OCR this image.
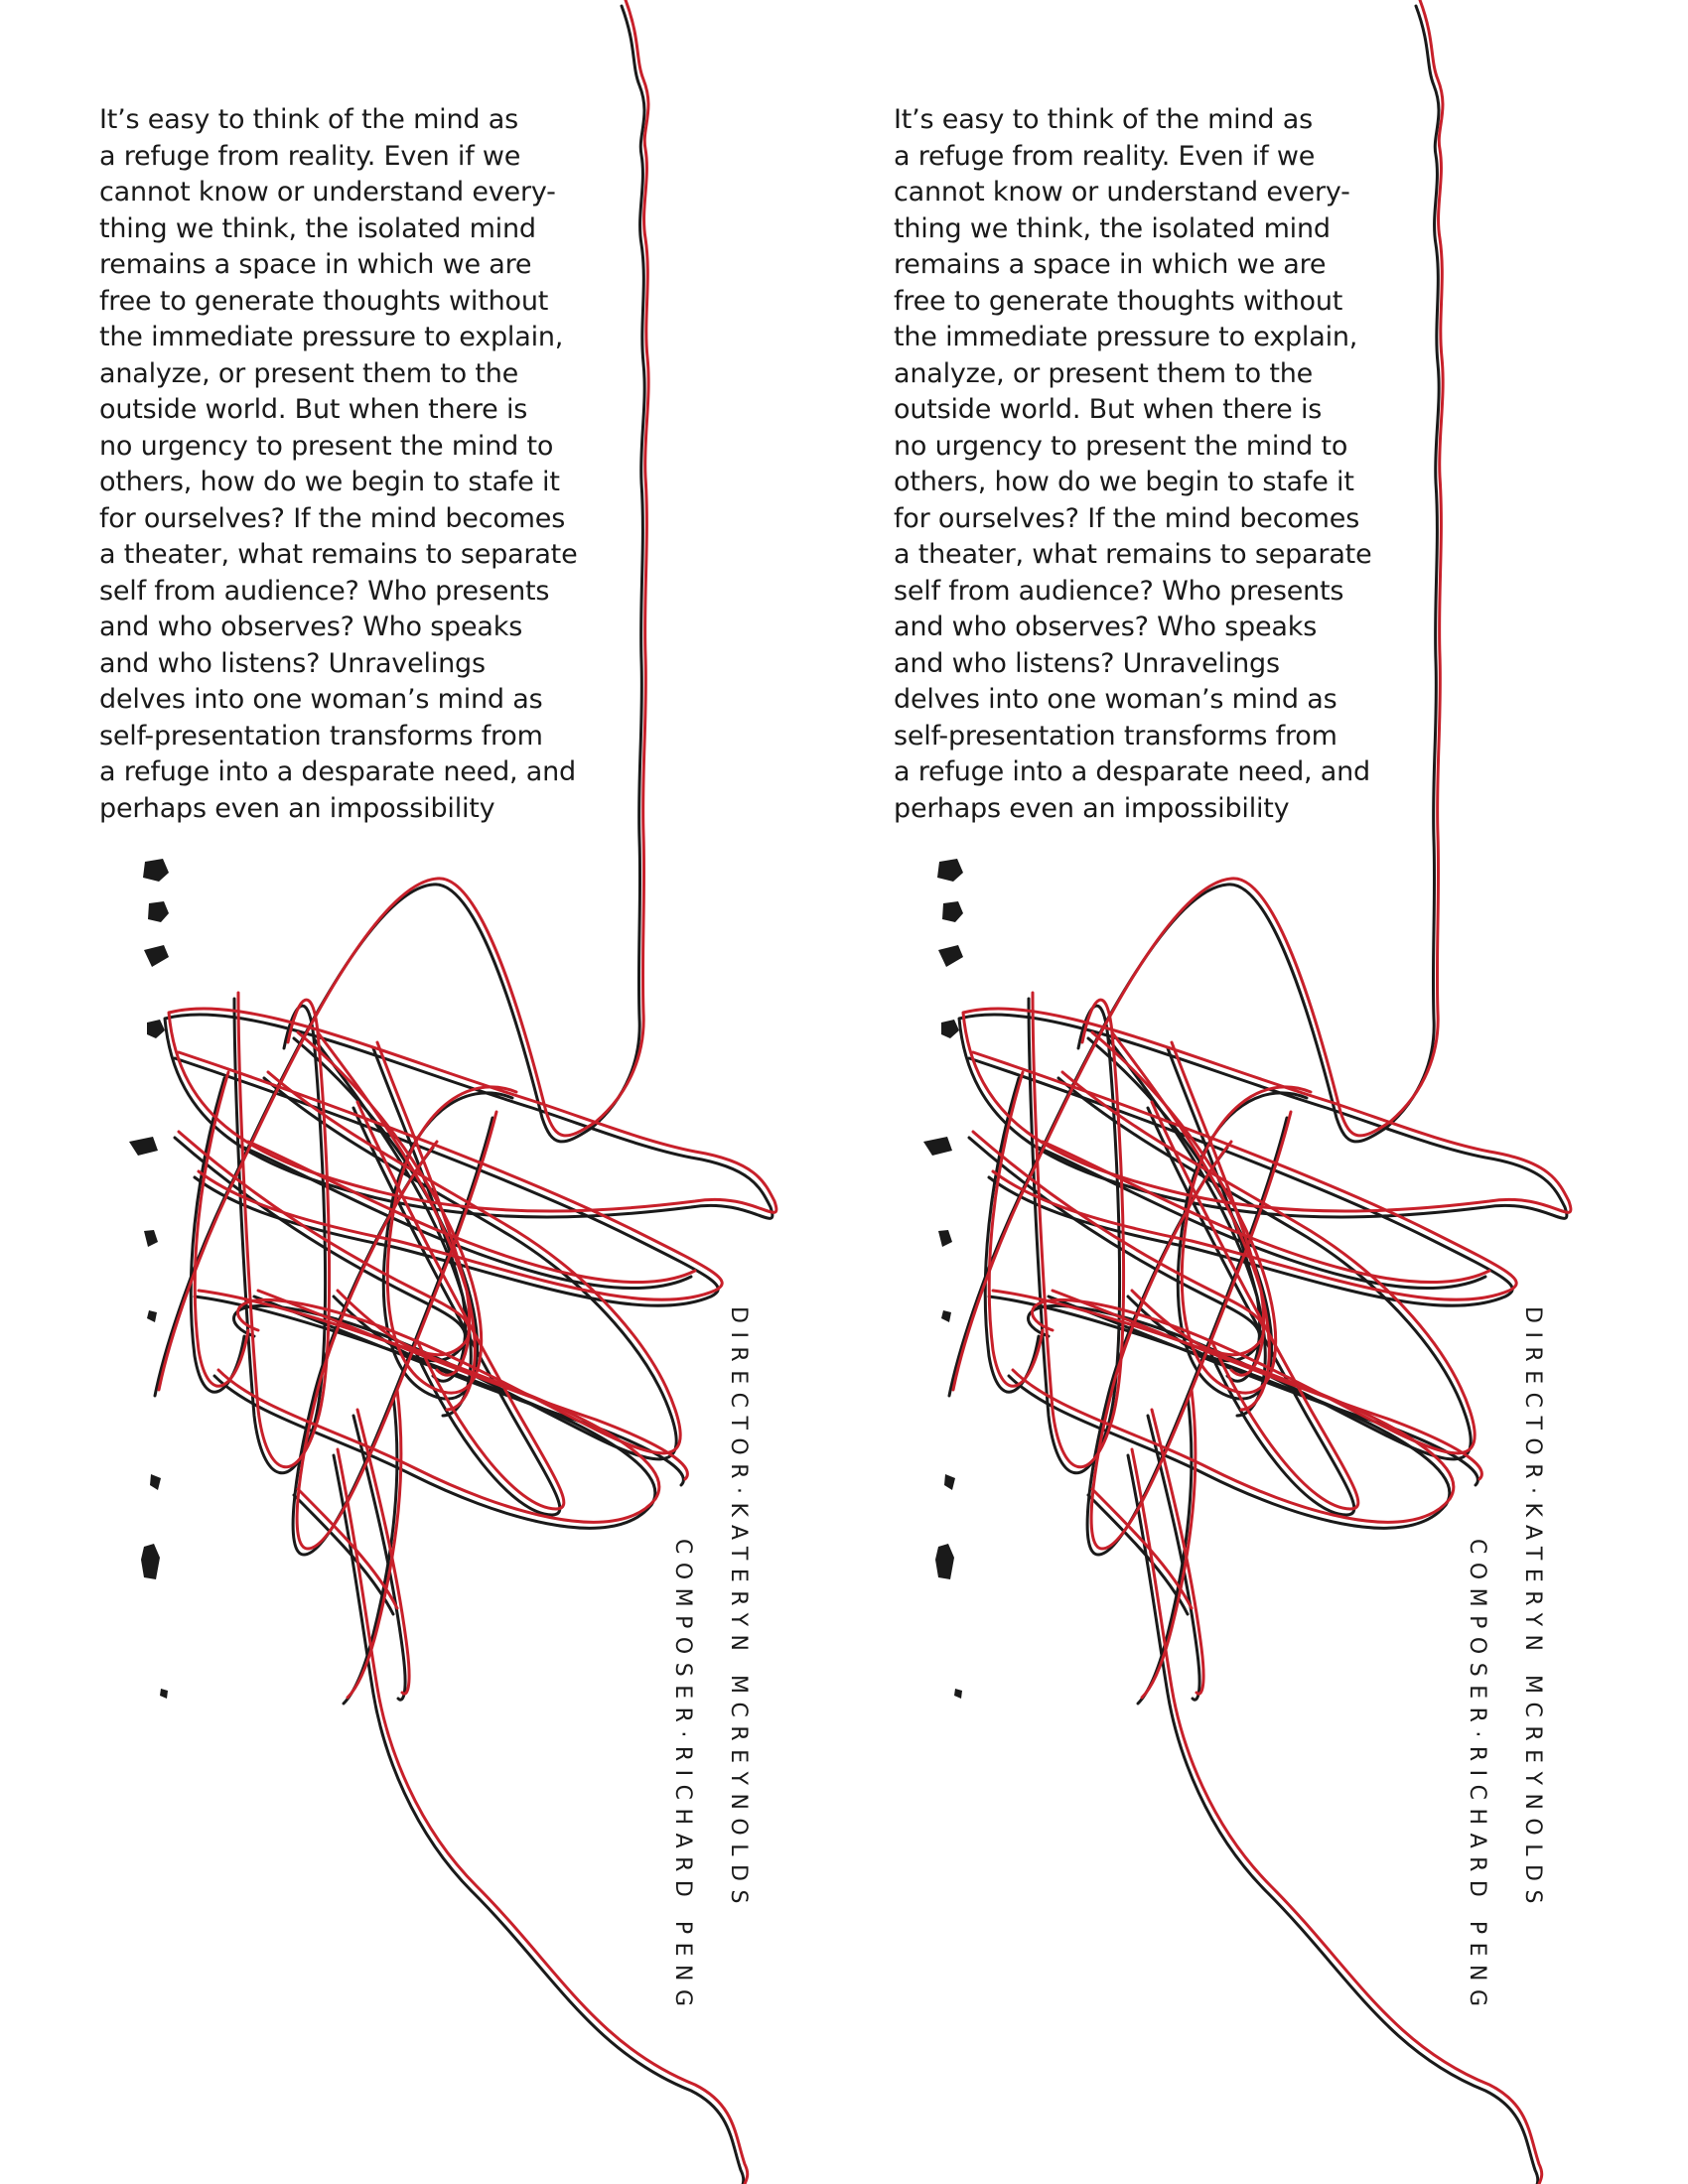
It’s easy to think of the mind as
a refuge from reality. Even if we
cannot know or understand every-
thing we think, the isolated mind
remains a space in which we are
free to generate thoughts without
the immediate pressure to explain,
analyze, or present them to the
outside world. But when there is
no urgency to present the mind to
others, how do we begin to stafe it
for ourselves? If the mind becomes
a theater, what remains to separate
self from audience? Who presents
and who observes? Who speaks
and who listens? Unravelings
delves into one woman’s mind as
self-presentation transforms from
a refuge into a desparate need, and
perhaps even an impossibility
DIRECTOR·KATERYN MCREYNOLDS
COMPOSER·RICHARD PENG
It’s easy to think of the mind as
a refuge from reality. Even if we
cannot know or understand every-
thing we think, the isolated mind
remains a space in which we are
free to generate thoughts without
the immediate pressure to explain,
analyze, or present them to the
outside world. But when there is
no urgency to present the mind to
others, how do we begin to stafe it
for ourselves? If the mind becomes
a theater, what remains to separate
self from audience? Who presents
and who observes? Who speaks
and who listens? Unravelings
delves into one woman’s mind as
self-presentation transforms from
a refuge into a desparate need, and
perhaps even an impossibility
DIRECTOR·KATERYN MCREYNOLDS
COMPOSER·RICHARD PENG
